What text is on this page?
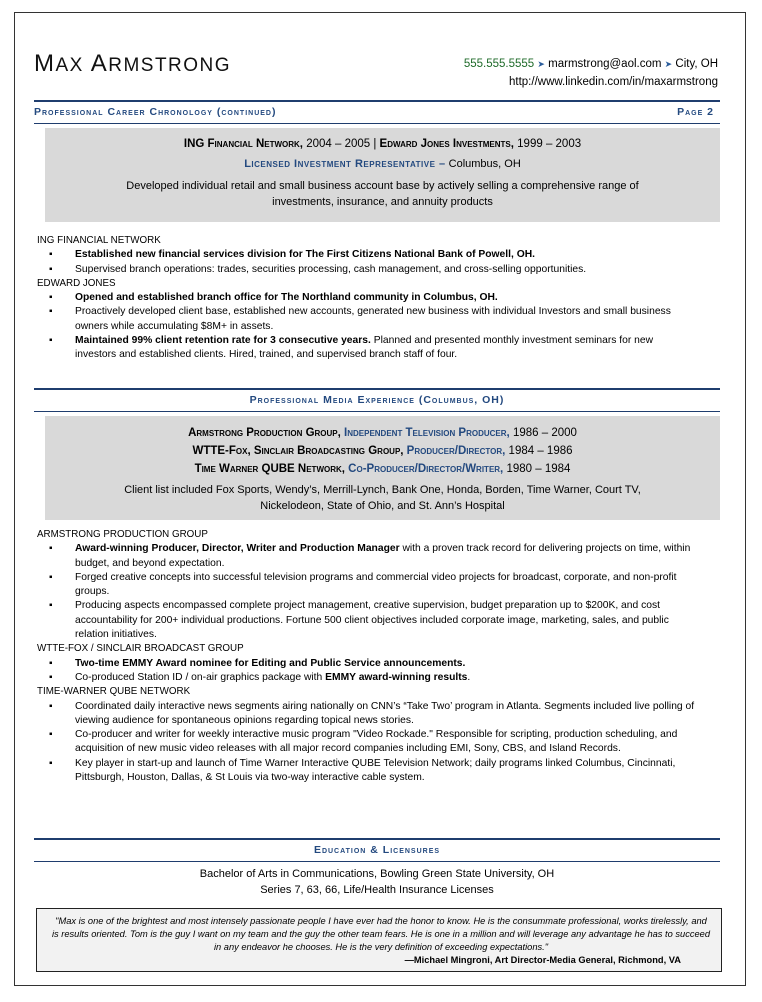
MAX ARMSTRONG	555.555.5555 ➤ marmstrong@aol.com ➤ City, OH
http://www.linkedin.com/in/maxarmstrong
Professional Career Chronology (continued)	Page 2
ING Financial Network, 2004 – 2005 | Edward Jones Investments, 1999 – 2003
Licensed Investment Representative – Columbus, OH
Developed individual retail and small business account base by actively selling a comprehensive range of
investments, insurance, and annuity products
ING FINANCIAL NETWORK
▪ Established new financial services division for The First Citizens National Bank of Powell, OH.
▪ Supervised branch operations: trades, securities processing, cash management, and cross-selling opportunities.
EDWARD JONES
▪ Opened and established branch office for The Northland community in Columbus, OH.
▪ Proactively developed client base, established new accounts, generated new business with individual Investors and small business owners while accumulating $8M+ in assets.
▪ Maintained 99% client retention rate for 3 consecutive years. Planned and presented monthly investment seminars for new investors and established clients. Hired, trained, and supervised branch staff of four.
Professional Media Experience (Columbus, OH)
Armstrong Production Group, Independent Television Producer, 1986 – 2000
WTTE-Fox, Sinclair Broadcasting Group, Producer/Director, 1984 – 1986
Time Warner QUBE Network, Co-Producer/Director/Writer, 1980 – 1984
Client list included Fox Sports, Wendy’s, Merrill-Lynch, Bank One, Honda, Borden, Time Warner, Court TV,
Nickelodeon, State of Ohio, and St. Ann’s Hospital
ARMSTRONG PRODUCTION GROUP
▪ Award-winning Producer, Director, Writer and Production Manager with a proven track record for delivering projects on time, within budget, and beyond expectation.
▪ Forged creative concepts into successful television programs and commercial video projects for broadcast, corporate, and non-profit groups.
▪ Producing aspects encompassed complete project management, creative supervision, budget preparation up to $200K, and cost accountability for 200+ individual productions. Fortune 500 client objectives included corporate image, marketing, sales, and public relation initiatives.
WTTE-FOX / SINCLAIR BROADCAST GROUP
▪ Two-time EMMY Award nominee for Editing and Public Service announcements.
▪ Co-produced Station ID / on-air graphics package with EMMY award-winning results.
TIME-WARNER QUBE NETWORK
▪ Coordinated daily interactive news segments airing nationally on CNN’s “Take Two’ program in Atlanta. Segments included live polling of viewing audience for spontaneous opinions regarding topical news stories.
▪ Co-producer and writer for weekly interactive music program "Video Rockade." Responsible for scripting, production scheduling, and acquisition of new music video releases with all major record companies including EMI, Sony, CBS, and Island Records.
▪ Key player in start-up and launch of Time Warner Interactive QUBE Television Network; daily programs linked Columbus, Cincinnati, Pittsburgh, Houston, Dallas, & St Louis via two-way interactive cable system.
Education & Licensures
Bachelor of Arts in Communications, Bowling Green State University, OH
Series 7, 63, 66, Life/Health Insurance Licenses
"Max is one of the brightest and most intensely passionate people I have ever had the honor to know. He is the consummate professional, works tirelessly, and is results oriented. Tom is the guy I want on my team and the guy the other team fears. He is one in a million and will leverage any advantage he has to succeed in any endeavor he chooses. He is the very definition of exceeding expectations."
—Michael Mingroni, Art Director-Media General, Richmond, VA
